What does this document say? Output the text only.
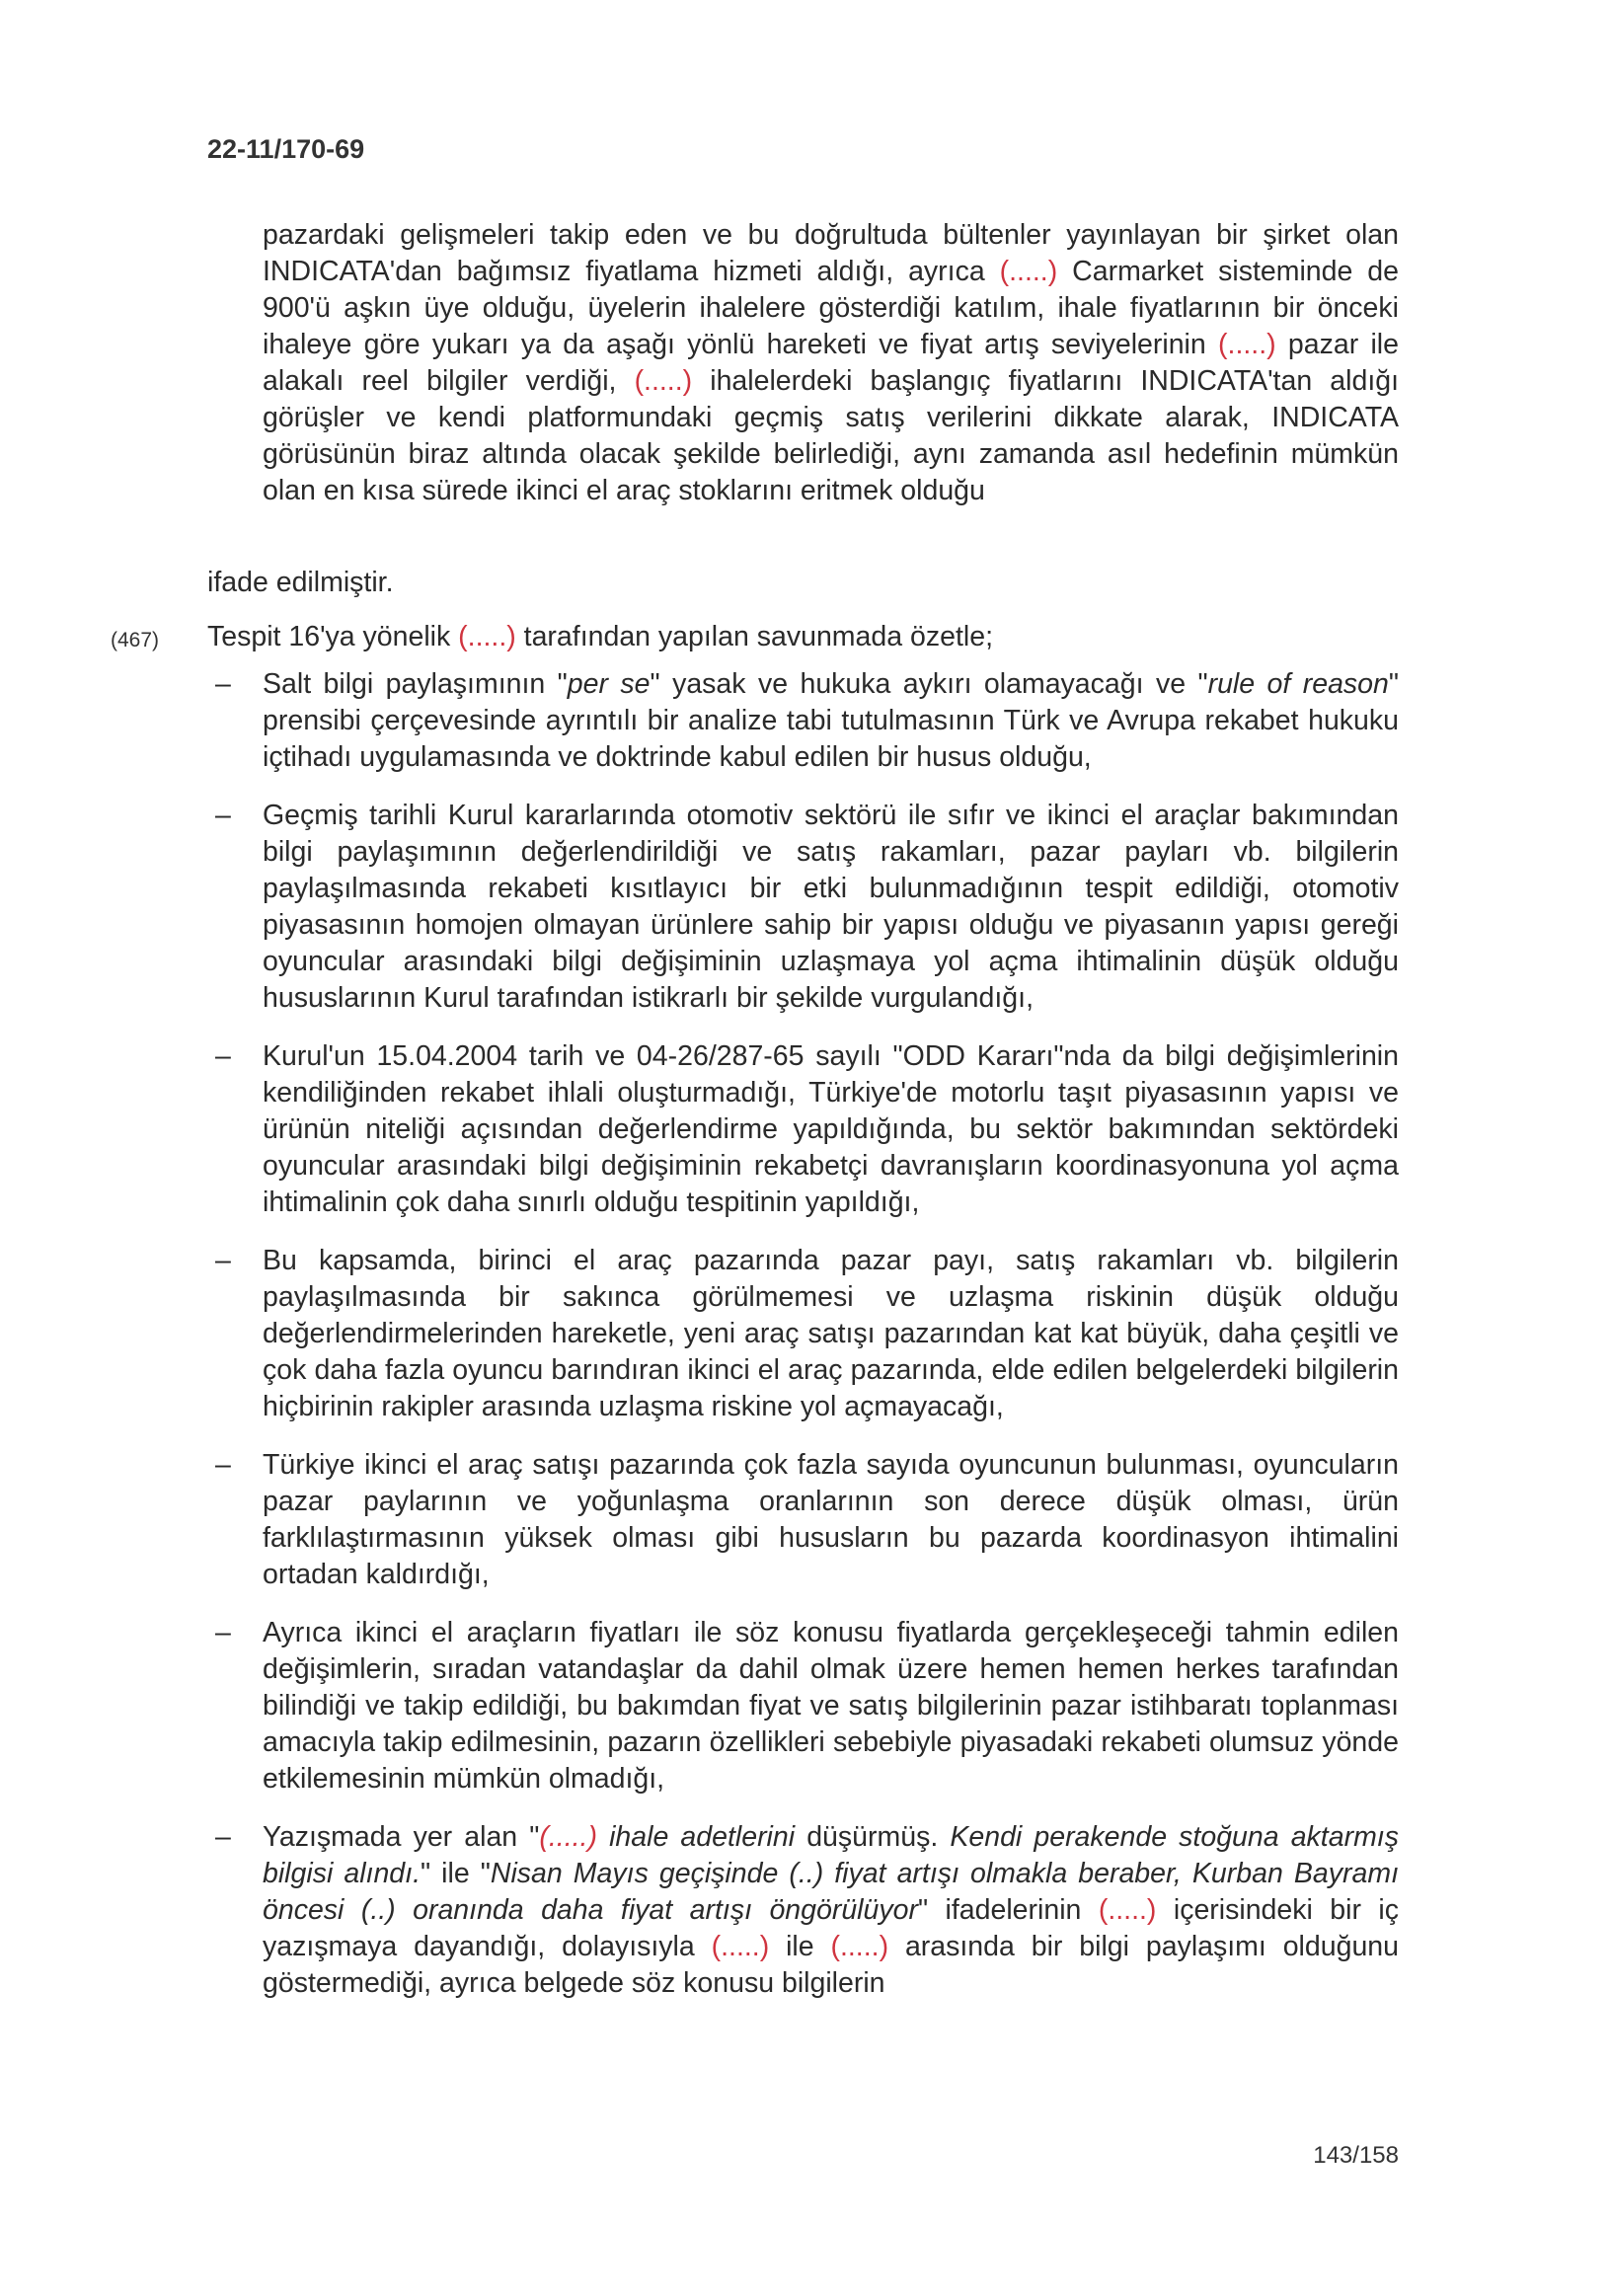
22-11/170-69
pazardaki gelişmeleri takip eden ve bu doğrultuda bültenler yayınlayan bir şirket olan INDICATA'dan bağımsız fiyatlama hizmeti aldığı, ayrıca (.....) Carmarket sisteminde de 900'ü aşkın üye olduğu, üyelerin ihalelere gösterdiği katılım, ihale fiyatlarının bir önceki ihaleye göre yukarı ya da aşağı yönlü hareketi ve fiyat artış seviyelerinin (.....) pazar ile alakalı reel bilgiler verdiği, (.....) ihalelerdeki başlangıç fiyatlarını INDICATA'tan aldığı görüşler ve kendi platformundaki geçmiş satış verilerini dikkate alarak, INDICATA görüsünün biraz altında olacak şekilde belirlediği, aynı zamanda asıl hedefinin mümkün olan en kısa sürede ikinci el araç stoklarını eritmek olduğu
ifade edilmiştir.
(467) Tespit 16'ya yönelik (.....) tarafından yapılan savunmada özetle;
– Salt bilgi paylaşımının "per se" yasak ve hukuka aykırı olamayacağı ve "rule of reason" prensibi çerçevesinde ayrıntılı bir analize tabi tutulmasının Türk ve Avrupa rekabet hukuku içtihadı uygulamasında ve doktrinde kabul edilen bir husus olduğu,
– Geçmiş tarihli Kurul kararlarında otomotiv sektörü ile sıfır ve ikinci el araçlar bakımından bilgi paylaşımının değerlendirildiği ve satış rakamları, pazar payları vb. bilgilerin paylaşılmasında rekabeti kısıtlayıcı bir etki bulunmadığının tespit edildiği, otomotiv piyasasının homojen olmayan ürünlere sahip bir yapısı olduğu ve piyasanın yapısı gereği oyuncular arasındaki bilgi değişiminin uzlaşmaya yol açma ihtimalinin düşük olduğu hususlarının Kurul tarafından istikrarlı bir şekilde vurgulandığı,
– Kurul'un 15.04.2004 tarih ve 04-26/287-65 sayılı "ODD Kararı"nda da bilgi değişimlerinin kendiliğinden rekabet ihlali oluşturmadığı, Türkiye'de motorlu taşıt piyasasının yapısı ve ürünün niteliği açısından değerlendirme yapıldığında, bu sektör bakımından sektördeki oyuncular arasındaki bilgi değişiminin rekabetçi davranışların koordinasyonuna yol açma ihtimalinin çok daha sınırlı olduğu tespitinin yapıldığı,
– Bu kapsamda, birinci el araç pazarında pazar payı, satış rakamları vb. bilgilerin paylaşılmasında bir sakınca görülmemesi ve uzlaşma riskinin düşük olduğu değerlendirmelerinden hareketle, yeni araç satışı pazarından kat kat büyük, daha çeşitli ve çok daha fazla oyuncu barındıran ikinci el araç pazarında, elde edilen belgelerdeki bilgilerin hiçbirinin rakipler arasında uzlaşma riskine yol açmayacağı,
– Türkiye ikinci el araç satışı pazarında çok fazla sayıda oyuncunun bulunması, oyuncuların pazar paylarının ve yoğunlaşma oranlarının son derece düşük olması, ürün farklılaştırmasının yüksek olması gibi hususların bu pazarda koordinasyon ihtimalini ortadan kaldırdığı,
– Ayrıca ikinci el araçların fiyatları ile söz konusu fiyatlarda gerçekleşeceği tahmin edilen değişimlerin, sıradan vatandaşlar da dahil olmak üzere hemen hemen herkes tarafından bilindiği ve takip edildiği, bu bakımdan fiyat ve satış bilgilerinin pazar istihbaratı toplanması amacıyla takip edilmesinin, pazarın özellikleri sebebiyle piyasadaki rekabeti olumsuz yönde etkilemesinin mümkün olmadığı,
– Yazışmada yer alan "(.....) ihale adetlerini düşürmüş. Kendi perakende stoğuna aktarmış bilgisi alındı." ile "Nisan Mayıs geçişinde (..) fiyat artışı olmakla beraber, Kurban Bayramı öncesi (..) oranında daha fiyat artışı öngörülüyor" ifadelerinin (.....) içerisindeki bir iç yazışmaya dayandığı, dolayısıyla (.....) ile (.....) arasında bir bilgi paylaşımı olduğunu göstermediği, ayrıca belgede söz konusu bilgilerin
143/158
